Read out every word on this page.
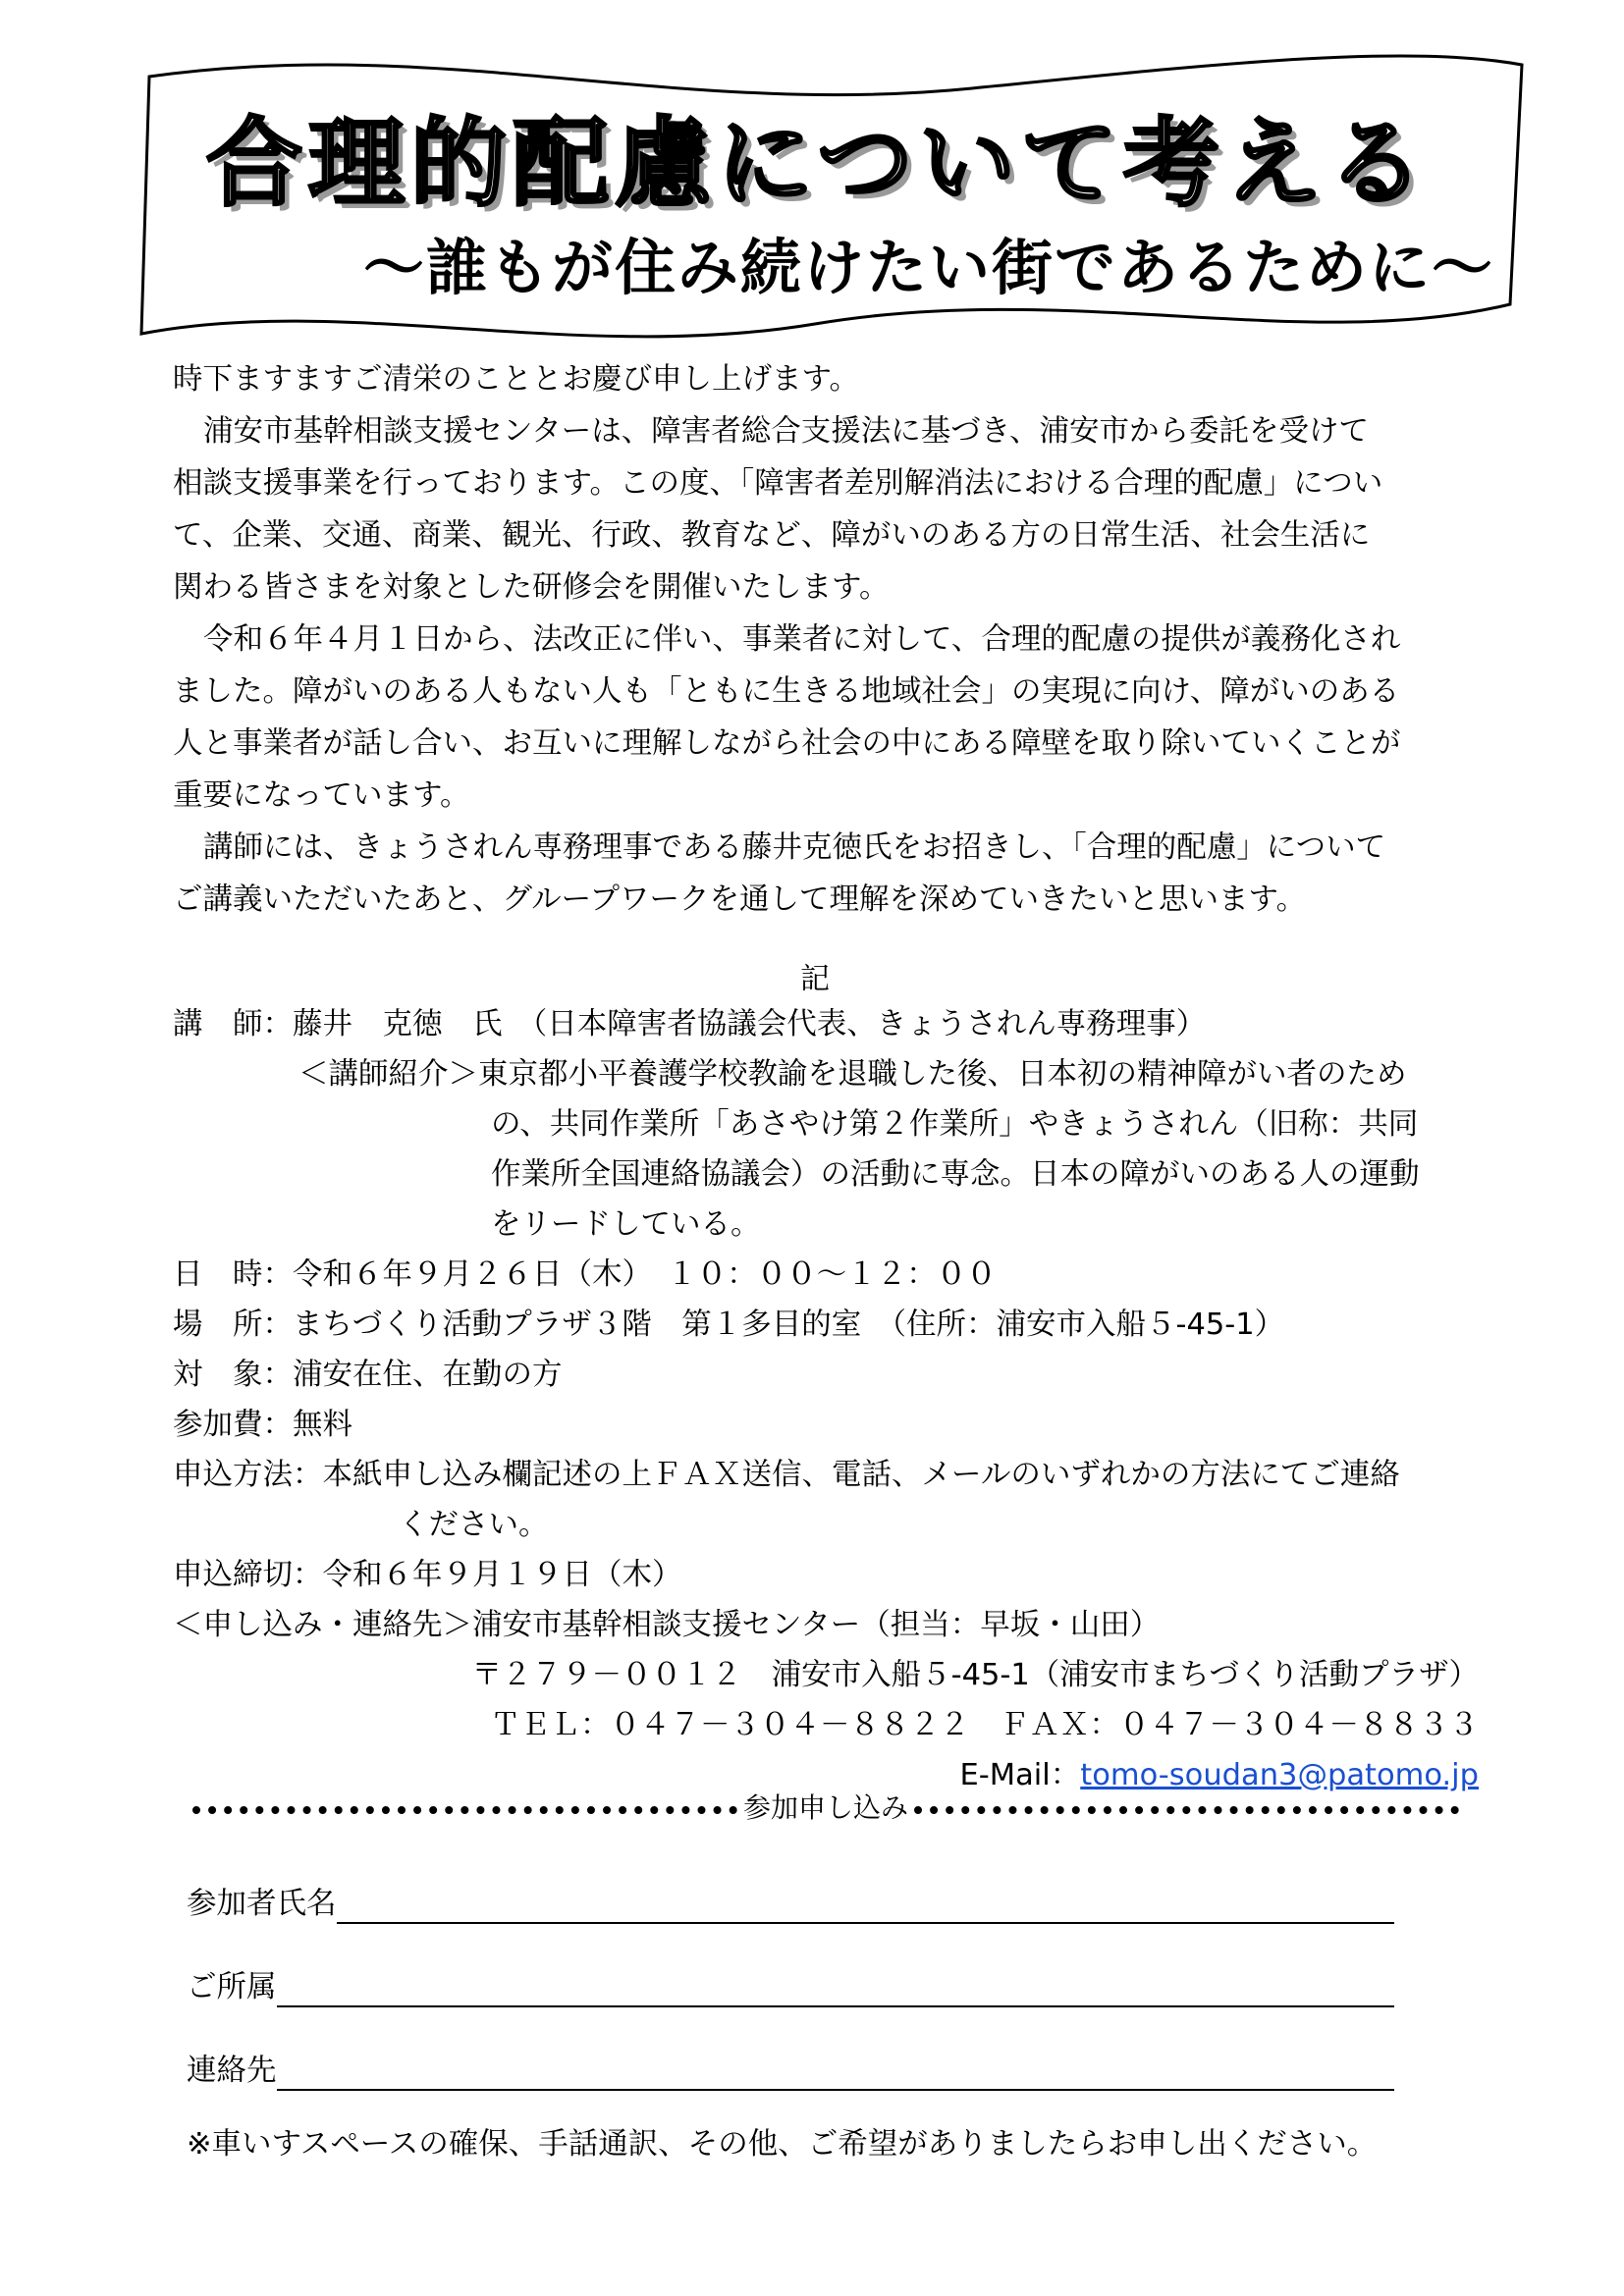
合理的配慮について考える
～誰もが住み続けたい街であるために～

時下ますますご清栄のこととお慶び申し上げます。

浦安市基幹相談支援センターは、障害者総合支援法に基づき、浦安市から委託を受けて

相談支援事業を行っております。この度、「障害者差別解消法における合理的配慮」につい

て、企業、交通、商業、観光、行政、教育など、障がいのある方の日常生活、社会生活に

関わる皆さまを対象とした研修会を開催いたします。

令和６年４月１日から、法改正に伴い、事業者に対して、合理的配慮の提供が義務化され

ました。障がいのある人もない人も「ともに生きる地域社会」の実現に向け、障がいのある

人と事業者が話し合い、お互いに理解しながら社会の中にある障壁を取り除いていくことが

重要になっています。

講師には、きょうされん専務理事である藤井克徳氏をお招きし、「合理的配慮」について

ご講義いただいたあと、グループワークを通して理解を深めていきたいと思います。

記
講　師：藤井　克徳　氏　（日本障害者協議会代表、きょうされん専務理事）
＜講師紹介＞東京都小平養護学校教諭を退職した後、日本初の精神障がい者のため
の、共同作業所「あさやけ第２作業所」やきょうされん（旧称：共同
作業所全国連絡協議会）の活動に専念。日本の障がいのある人の運動
をリードしている。
日　時：令和６年９月２６日（木）　１０：００～１２：００
場　所：まちづくり活動プラザ３階　第１多目的室　（住所：浦安市入船５-45-1）
対　象：浦安在住、在勤の方
参加費：無料
申込方法：本紙申し込み欄記述の上ＦＡＸ送信、電話、メールのいずれかの方法にてご連絡
ください。
申込締切：令和６年９月１９日（木）
＜申し込み・連絡先＞浦安市基幹相談支援センター（担当：早坂・山田）
〒２７９－００１２　浦安市入船５-45-1（浦安市まちづくり活動プラザ）
ＴＥＬ：０４７－３０４－８８２２　ＦＡＸ：０４７－３０４－８８３３
E-Mail：tomo-soudan3@patomo.jp
参加申し込み
参加者氏名
ご所属
連絡先
※車いすスペースの確保、手話通訳、その他、ご希望がありましたらお申し出ください。
